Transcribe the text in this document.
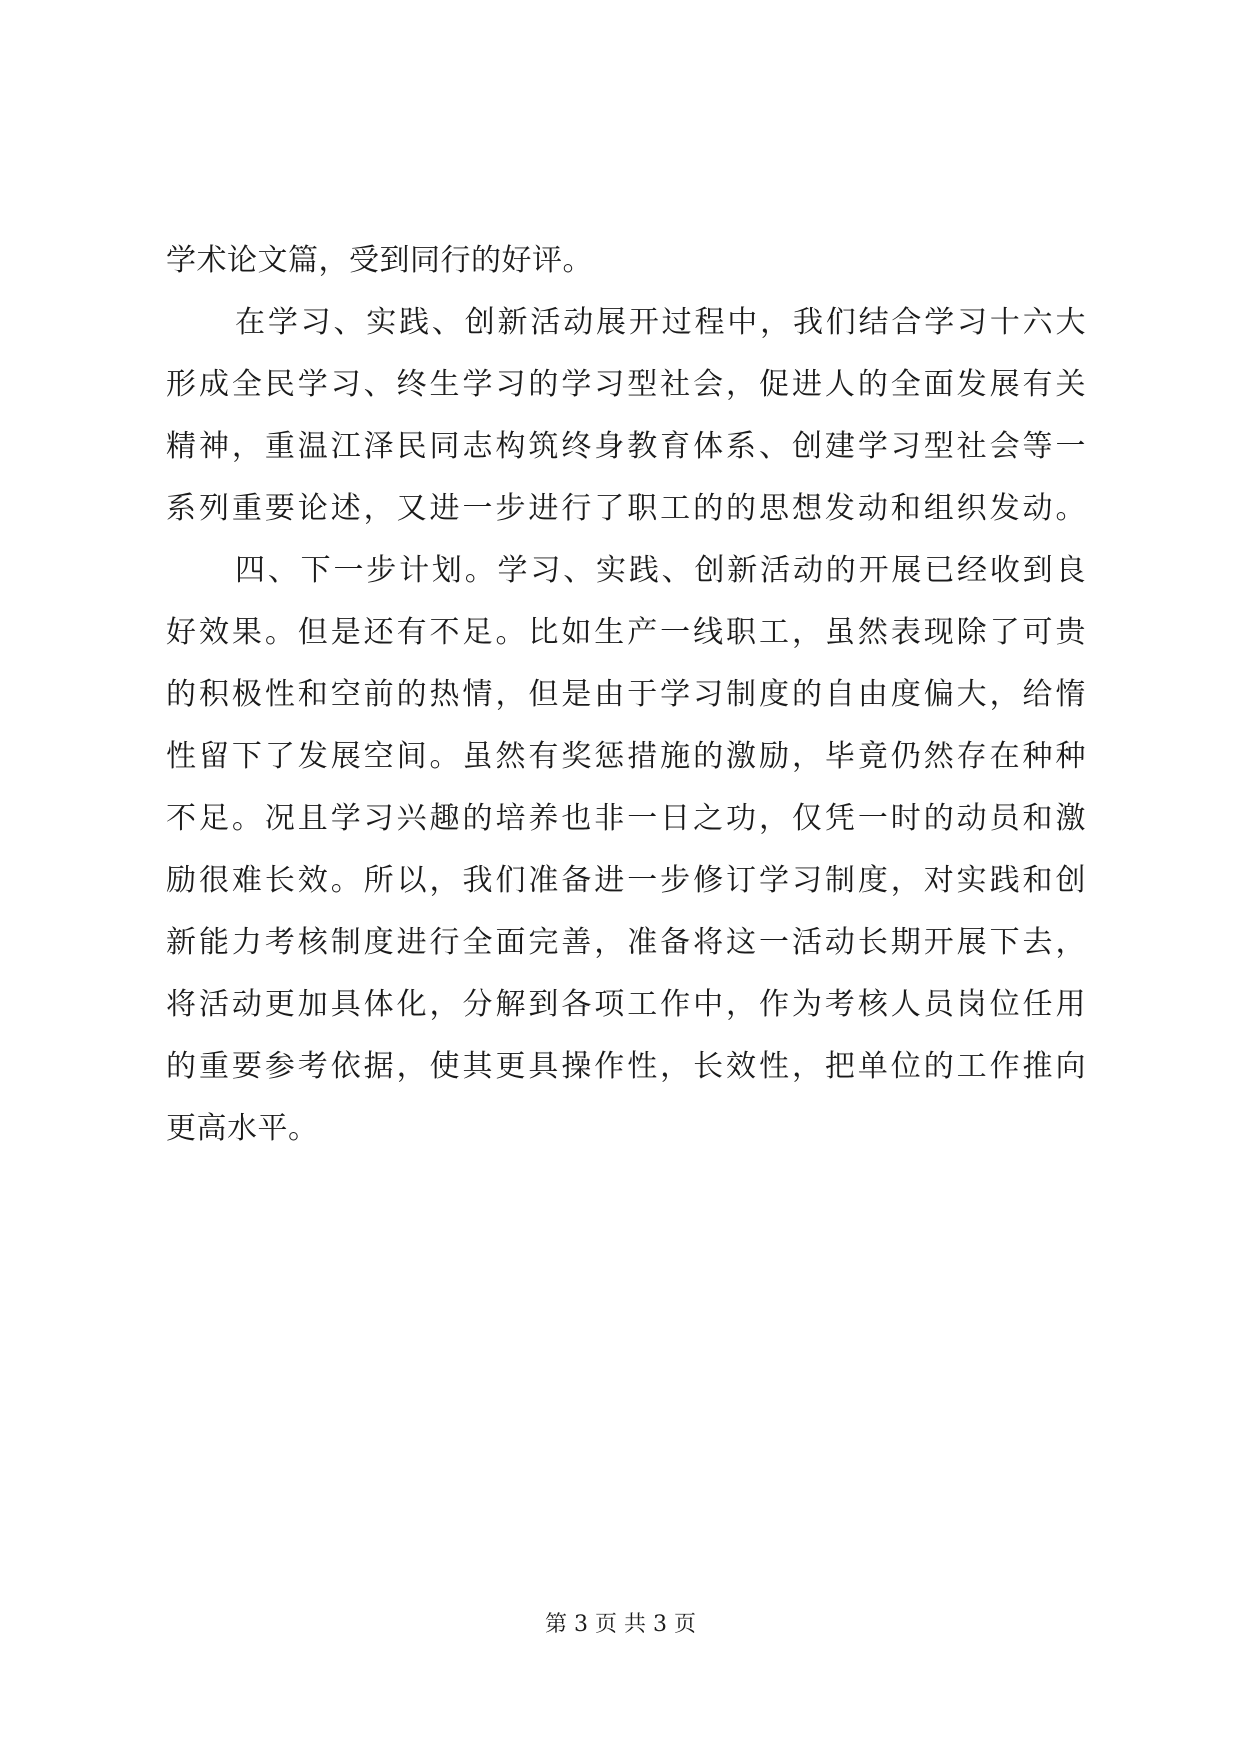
学术论文篇，受到同行的好评。
在学习、实践、创新活动展开过程中，我们结合学习十六大
形成全民学习、终生学习的学习型社会，促进人的全面发展有关
精神，重温江泽民同志构筑终身教育体系、创建学习型社会等一
系列重要论述，又进一步进行了职工的的思想发动和组织发动。
四、下一步计划。学习、实践、创新活动的开展已经收到良
好效果。但是还有不足。比如生产一线职工，虽然表现除了可贵
的积极性和空前的热情，但是由于学习制度的自由度偏大，给惰
性留下了发展空间。虽然有奖惩措施的激励，毕竟仍然存在种种
不足。况且学习兴趣的培养也非一日之功，仅凭一时的动员和激
励很难长效。所以，我们准备进一步修订学习制度，对实践和创
新能力考核制度进行全面完善，准备将这一活动长期开展下去，
将活动更加具体化，分解到各项工作中，作为考核人员岗位任用
的重要参考依据，使其更具操作性，长效性，把单位的工作推向
更高水平。
第 3 页 共 3 页
